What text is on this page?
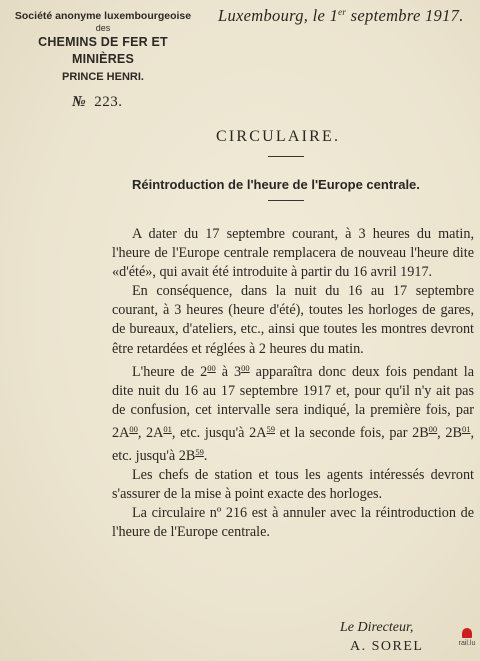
Société anonyme luxembourgeoise
des
CHEMINS DE FER ET MINIÈRES
PRINCE HENRI.
Luxembourg, le 1er septembre 1917.
№ 223.
CIRCULAIRE.
Réintroduction de l'heure de l'Europe centrale.

A dater du 17 septembre courant, à 3 heures du matin, l'heure de l'Europe centrale remplacera de nouveau l'heure dite «d'été», qui avait été introduite à partir du 16 avril 1917.

En conséquence, dans la nuit du 16 au 17 septembre courant, à 3 heures (heure d'été), toutes les horloges de gares, de bureaux, d'ateliers, etc., ainsi que toutes les montres devront être retardées et réglées à 2 heures du matin.

L'heure de $2^{00}$ à $3^{00}$ apparaîtra donc deux fois pendant la dite nuit du 16 au 17 septembre 1917 et, pour qu'il n'y ait pas de confusion, cet intervalle sera indiqué, la première fois, par $2A^{00}$, $2A^{01}$, etc. jusqu'à $2A^{59}$ et la seconde fois, par $2B^{00}$, $2B^{01}$, etc. jusqu'à $2B^{59}$.

Les chefs de station et tous les agents intéressés devront s'assurer de la mise à point exacte des horloges.

La circulaire nº 216 est à annuler avec la réintroduction de l'heure de l'Europe centrale.

Le Directeur,
A. SOREL	rail.lu
